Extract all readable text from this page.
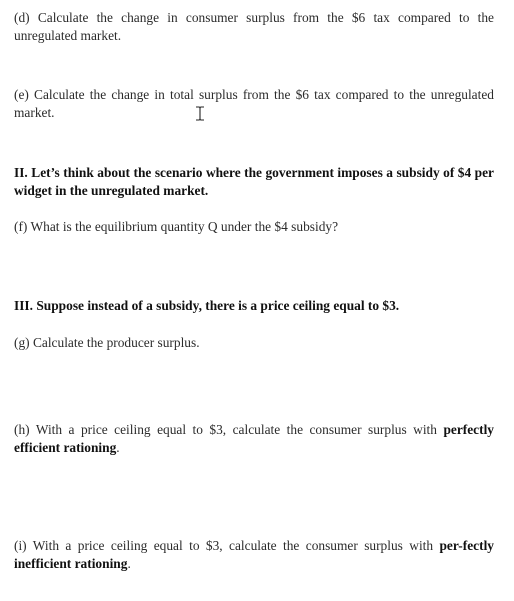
(d) Calculate the change in consumer surplus from the $6 tax compared to the unregulated market.

(e) Calculate the change in total surplus from the $6 tax compared to the unregulated market.

II. Let’s think about the scenario where the government imposes a subsidy of $4 per widget in the unregulated market.

(f) What is the equilibrium quantity Q under the $4 subsidy?

III. Suppose instead of a subsidy, there is a price ceiling equal to $3.

(g) Calculate the producer surplus.

(h) With a price ceiling equal to $3, calculate the consumer surplus with perfectly efficient rationing.

(i) With a price ceiling equal to $3, calculate the consumer surplus with per-fectly inefficient rationing.
